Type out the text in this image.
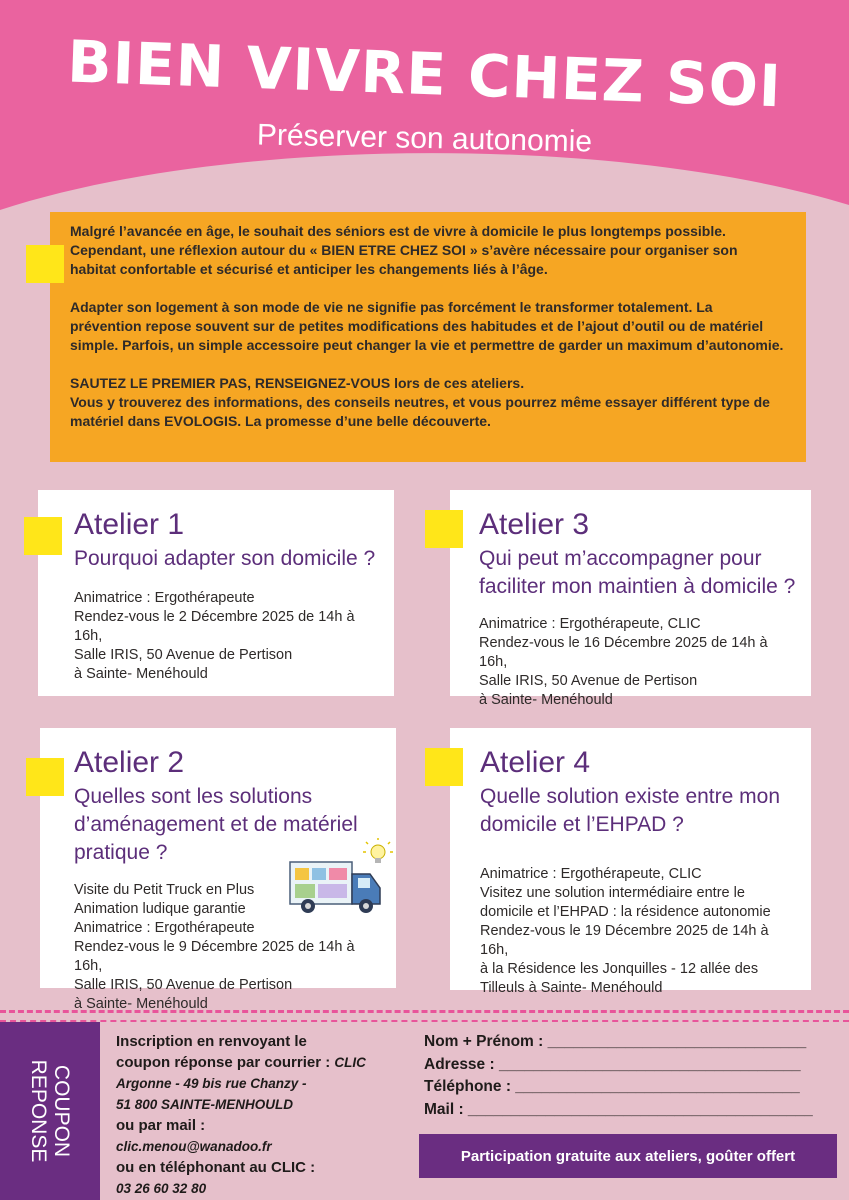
BIEN VIVRE CHEZ SOI
Préserver son autonomie

Malgré l’avancée en âge, le souhait des séniors est de vivre à domicile le plus longtemps possible. Cependant, une réflexion autour du « BIEN ETRE CHEZ SOI » s’avère nécessaire pour organiser son habitat confortable et sécurisé et anticiper les changements liés à l’âge.

Adapter son logement à son mode de vie ne signifie pas forcément le transformer totalement. La prévention repose souvent sur de petites modifications des habitudes et de l’ajout d’outil ou de matériel simple. Parfois, un simple accessoire peut changer la vie et permettre de garder un maximum d’autonomie.

SAUTEZ LE PREMIER PAS, RENSEIGNEZ-VOUS lors de ces ateliers.
Vous y trouverez des informations, des conseils neutres, et vous pourrez même essayer différent type de matériel dans EVOLOGIS. La promesse d’une belle découverte.

Atelier 1
Pourquoi adapter son domicile ?
Animatrice : Ergothérapeute
Rendez-vous le 2 Décembre 2025 de 14h à 16h,
Salle IRIS, 50 Avenue de Pertison
à Sainte- Menéhould
Atelier 3
Qui peut m’accompagner pour faciliter mon maintien à domicile ?
Animatrice : Ergothérapeute, CLIC
Rendez-vous le 16 Décembre 2025 de 14h à 16h,
Salle IRIS, 50 Avenue de Pertison
à Sainte- Menéhould
Atelier 2
Quelles sont les solutions d’aménagement et de matériel pratique ?
Visite du Petit Truck en Plus
Animation ludique garantie
Animatrice : Ergothérapeute
Rendez-vous le 9 Décembre 2025 de 14h à 16h,
Salle IRIS, 50 Avenue de Pertison
à Sainte- Menéhould
Atelier 4
Quelle solution existe entre mon domicile et l’EHPAD ?
Animatrice : Ergothérapeute, CLIC
Visitez une solution intermédiaire entre le
domicile et l’EHPAD : la résidence autonomie
Rendez-vous le 19 Décembre 2025 de 14h à 16h,
à la Résidence les Jonquilles - 12 allée des
Tilleuls à Sainte- Menéhould
COUPON
REPONSE
Inscription en renvoyant le
coupon réponse par courrier : CLIC
Argonne - 49 bis rue Chanzy -
51 800 SAINTE-MENHOULD
ou par mail :
clic.menou@wanadoo.fr
ou en téléphonant au CLIC :
03 26 60 32 80
Nom + Prénom : ______________________________
Adresse : ___________________________________
Téléphone : _________________________________
Mail : ________________________________________
Participation gratuite aux ateliers, goûter offert
